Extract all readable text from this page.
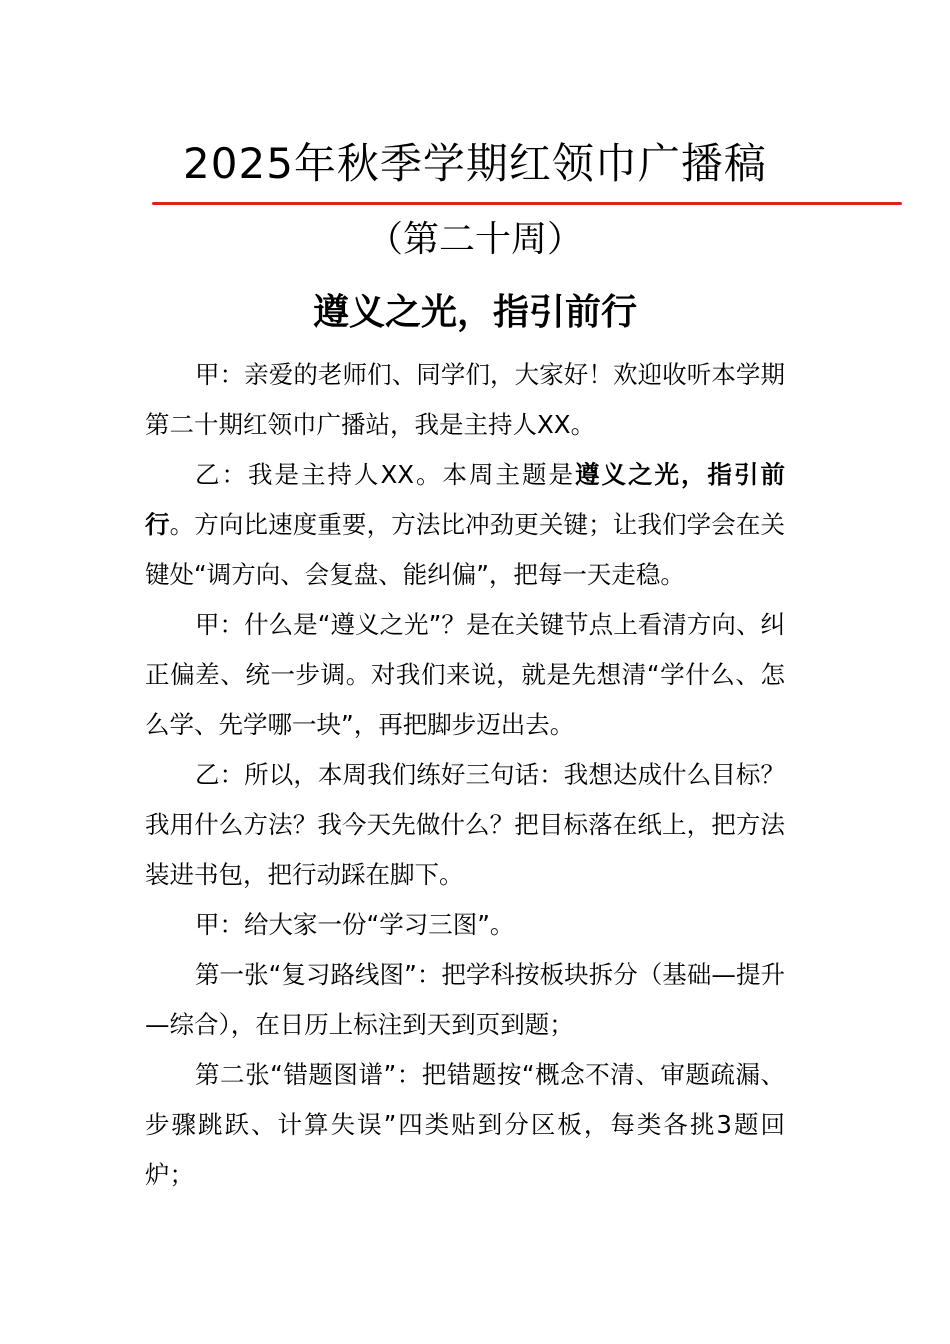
2025年秋季学期红领巾广播稿
（第二十周）
遵义之光，指引前行

甲：亲爱的老师们、同学们，大家好！欢迎收听本学期第二十期红领巾广播站，我是主持人XX。

乙：我是主持人XX。本周主题是遵义之光，指引前行。方向比速度重要，方法比冲劲更关键；让我们学会在关键处“调方向、会复盘、能纠偏”，把每一天走稳。

甲：什么是“遵义之光”？是在关键节点上看清方向、纠正偏差、统一步调。对我们来说，就是先想清“学什么、怎么学、先学哪一块”，再把脚步迈出去。

乙：所以，本周我们练好三句话：我想达成什么目标？我用什么方法？我今天先做什么？把目标落在纸上，把方法装进书包，把行动踩在脚下。

甲：给大家一份“学习三图”。

第一张“复习路线图”：把学科按板块拆分（基础—提升—综合），在日历上标注到天到页到题；

第二张“错题图谱”：把错题按“概念不清、审题疏漏、步骤跳跃、计算失误”四类贴到分区板，每类各挑3题回炉；
